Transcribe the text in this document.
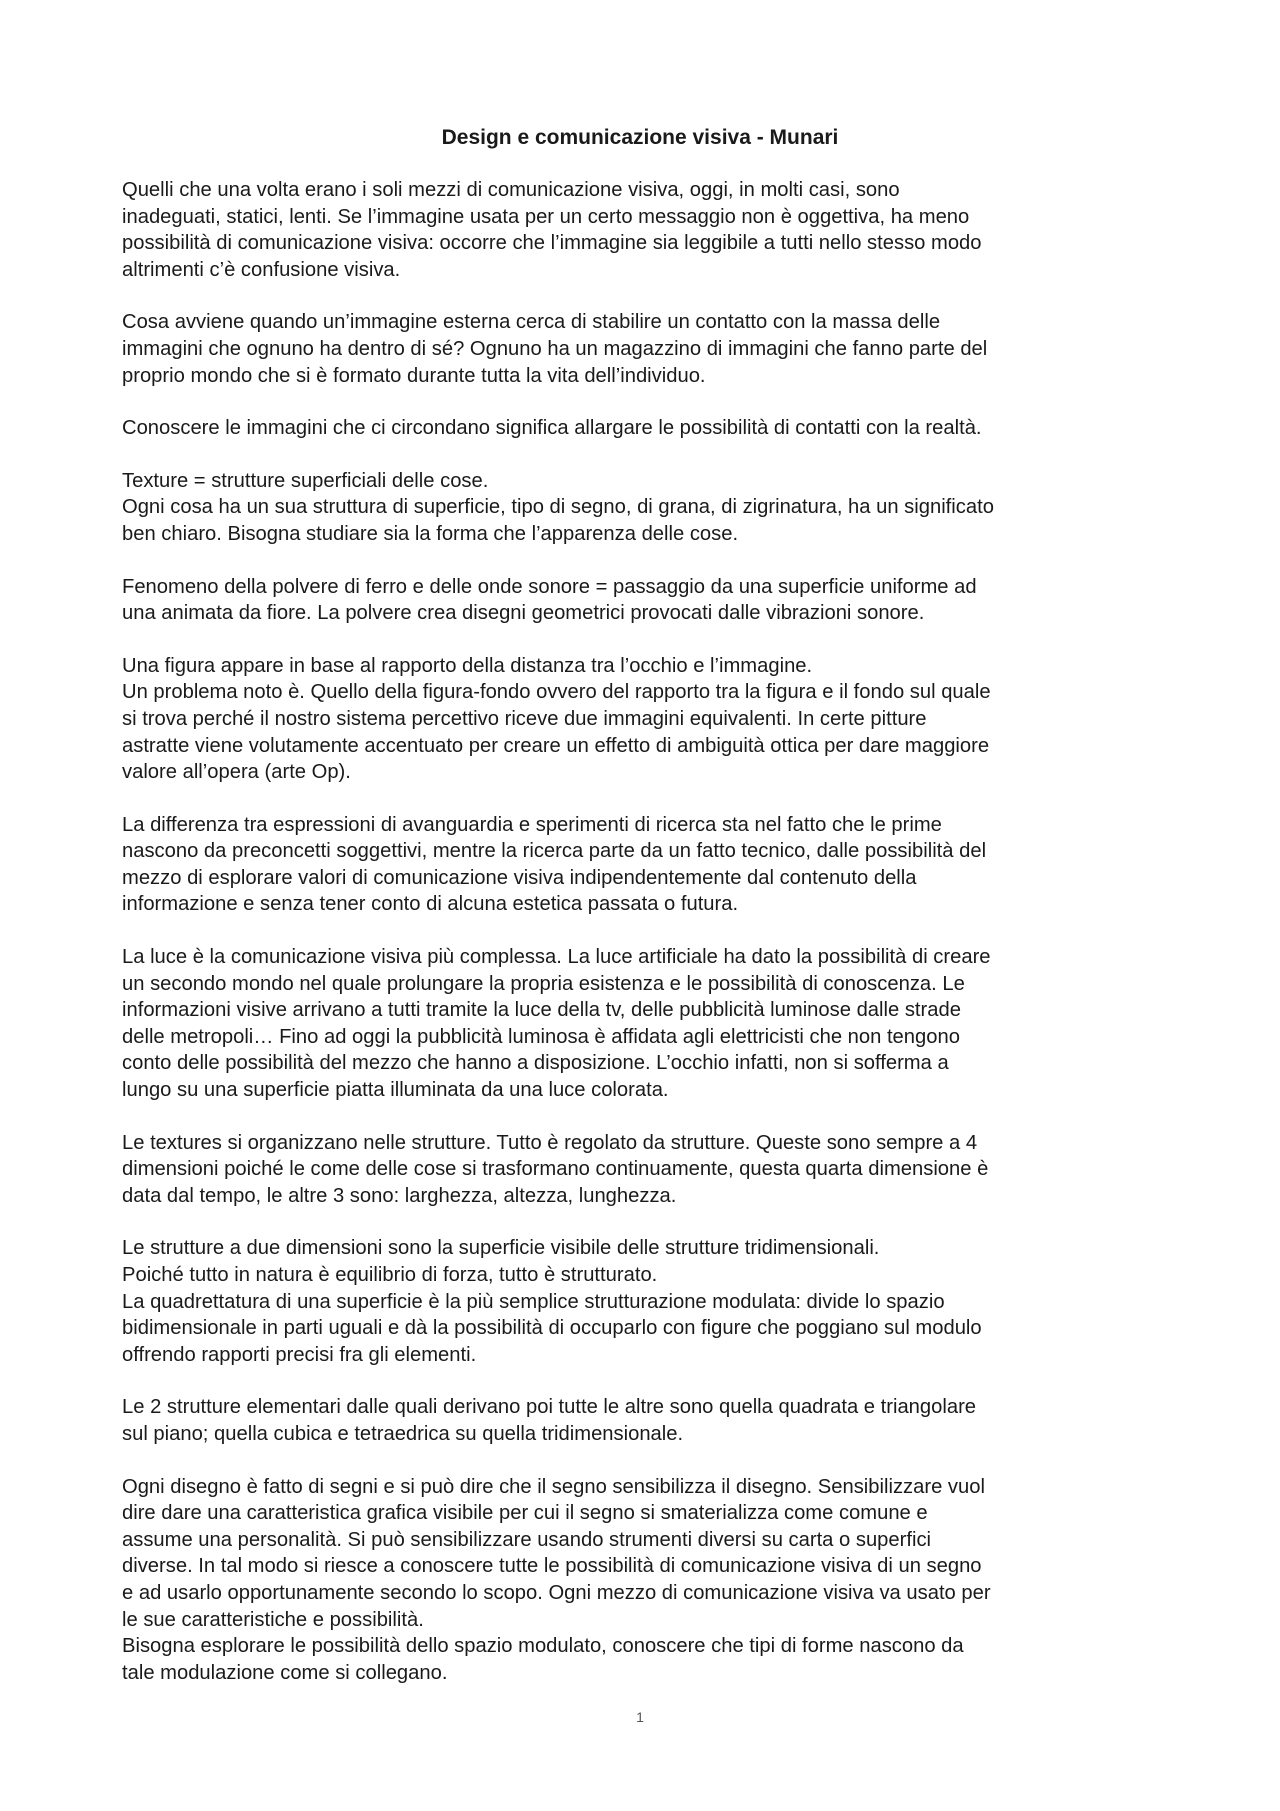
Design e comunicazione visiva - Munari
Quelli che una volta erano i soli mezzi di comunicazione visiva, oggi, in molti casi, sono
inadeguati, statici, lenti. Se l’immagine usata per un certo messaggio non è oggettiva, ha meno
possibilità di comunicazione visiva: occorre che l’immagine sia leggibile a tutti nello stesso modo
altrimenti c’è confusione visiva.
Cosa avviene quando un’immagine esterna cerca di stabilire un contatto con la massa delle
immagini che ognuno ha dentro di sé? Ognuno ha un magazzino di immagini che fanno parte del
proprio mondo che si è formato durante tutta la vita dell’individuo.
Conoscere le immagini che ci circondano significa allargare le possibilità di contatti con la realtà.
Texture = strutture superficiali delle cose.
Ogni cosa ha un sua struttura di superficie, tipo di segno, di grana, di zigrinatura, ha un significato
ben chiaro. Bisogna studiare sia la forma che l’apparenza delle cose.
Fenomeno della polvere di ferro e delle onde sonore = passaggio da una superficie uniforme ad
una animata da fiore. La polvere crea disegni geometrici provocati dalle vibrazioni sonore.
Una figura appare in base al rapporto della distanza tra l’occhio e l’immagine.
Un problema noto è. Quello della figura-fondo ovvero del rapporto tra la figura e il fondo sul quale
si trova perché il nostro sistema percettivo riceve due immagini equivalenti. In certe pitture
astratte viene volutamente accentuato per creare un effetto di ambiguità ottica per dare maggiore
valore all’opera (arte Op).
La differenza tra espressioni di avanguardia e sperimenti di ricerca sta nel fatto che le prime
nascono da preconcetti soggettivi, mentre la ricerca parte da un fatto tecnico, dalle possibilità del
mezzo di esplorare valori di comunicazione visiva indipendentemente dal contenuto della
informazione e senza tener conto di alcuna estetica passata o futura.
La luce è la comunicazione visiva più complessa. La luce artificiale ha dato la possibilità di creare
un secondo mondo nel quale prolungare la propria esistenza e le possibilità di conoscenza. Le
informazioni visive arrivano a tutti tramite la luce della tv, delle pubblicità luminose dalle strade
delle metropoli… Fino ad oggi la pubblicità luminosa è affidata agli elettricisti che non tengono
conto delle possibilità del mezzo che hanno a disposizione. L’occhio infatti, non si sofferma a
lungo su una superficie piatta illuminata da una luce colorata.
Le textures si organizzano nelle strutture. Tutto è regolato da strutture. Queste sono sempre a 4
dimensioni poiché le come delle cose si trasformano continuamente, questa quarta dimensione è
data dal tempo, le altre 3 sono: larghezza, altezza, lunghezza.
Le strutture a due dimensioni sono la superficie visibile delle strutture tridimensionali.
Poiché tutto in natura è equilibrio di forza, tutto è strutturato.
La quadrettatura di una superficie è la più semplice strutturazione modulata: divide lo spazio
bidimensionale in parti uguali e dà la possibilità di occuparlo con figure che poggiano sul modulo
offrendo rapporti precisi fra gli elementi.
Le 2 strutture elementari dalle quali derivano poi tutte le altre sono quella quadrata e triangolare
sul piano; quella cubica e tetraedrica su quella tridimensionale.
Ogni disegno è fatto di segni e si può dire che il segno sensibilizza il disegno. Sensibilizzare vuol
dire dare una caratteristica grafica visibile per cui il segno si smaterializza come comune e
assume una personalità. Si può sensibilizzare usando strumenti diversi su carta o superfici
diverse. In tal modo si riesce a conoscere tutte le possibilità di comunicazione visiva di un segno
e ad usarlo opportunamente secondo lo scopo. Ogni mezzo di comunicazione visiva va usato per
le sue caratteristiche e possibilità.
Bisogna esplorare le possibilità dello spazio modulato, conoscere che tipi di forme nascono da
tale modulazione come si collegano.
1
